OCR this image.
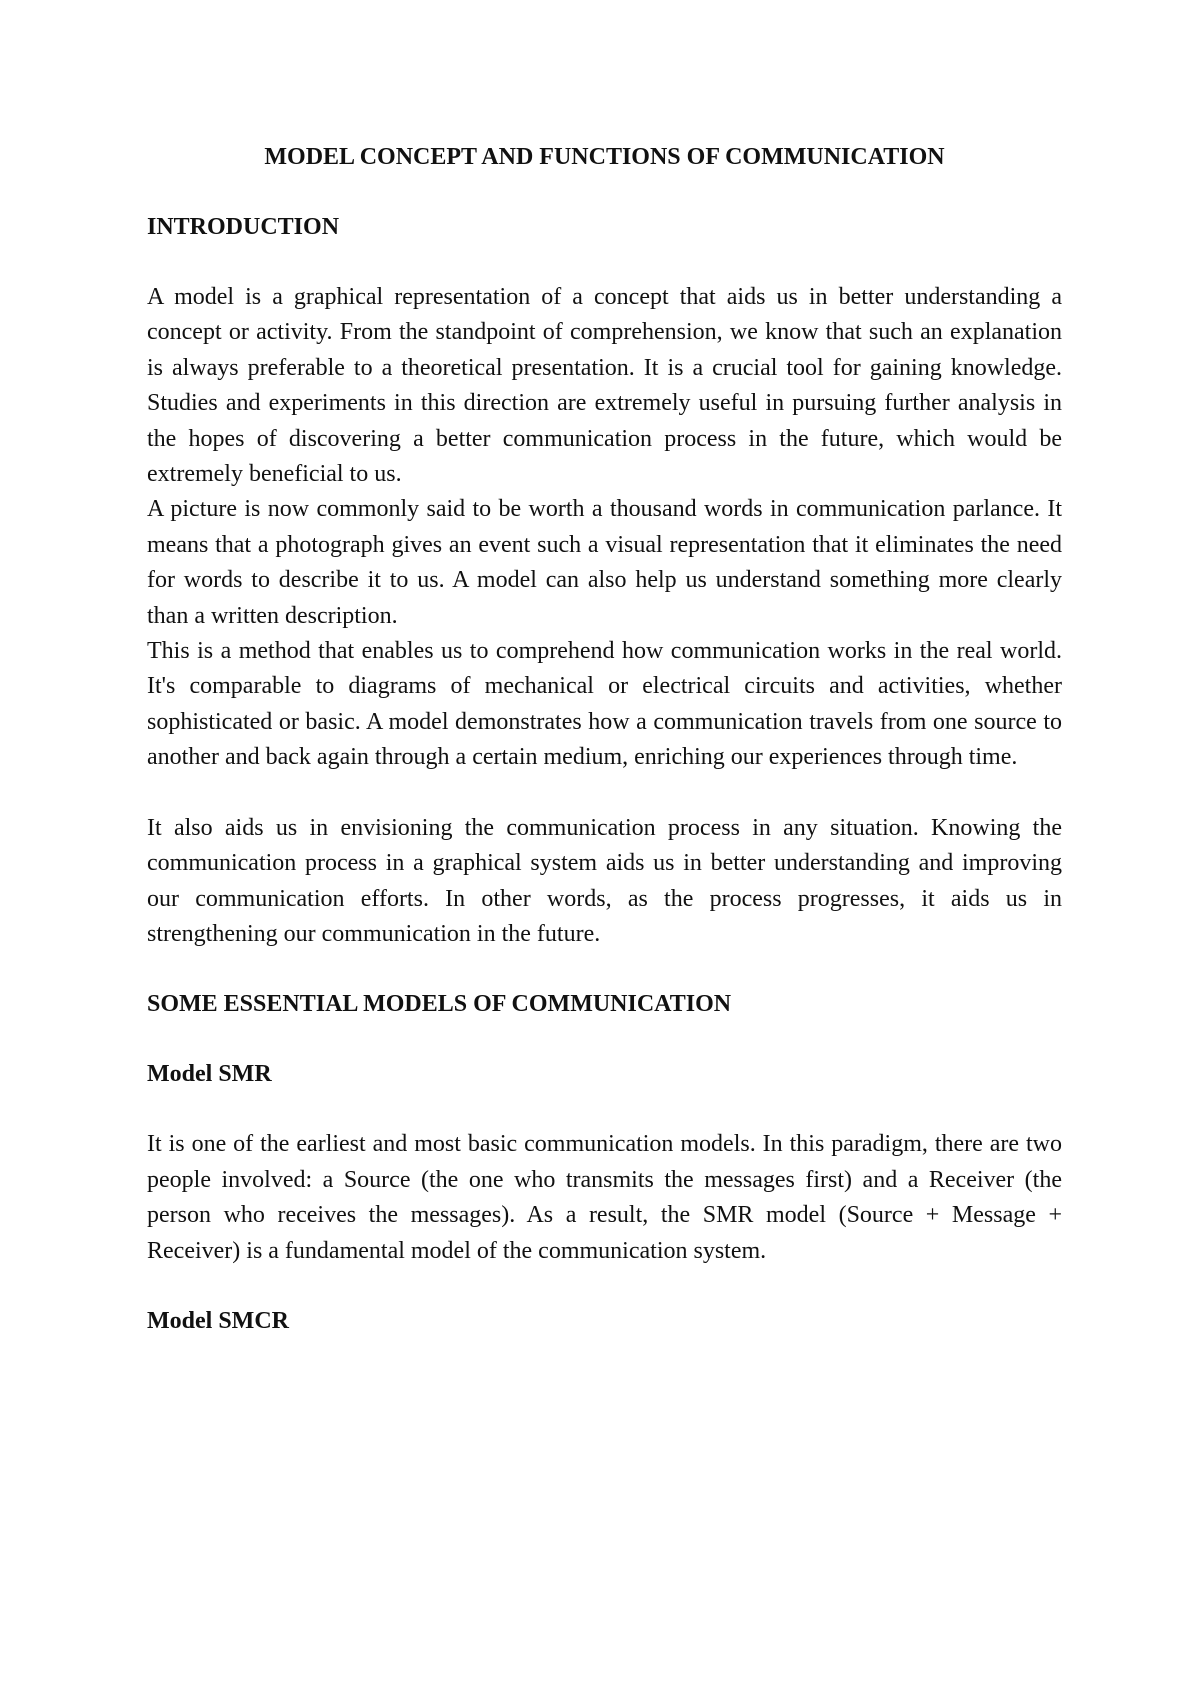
MODEL CONCEPT AND FUNCTIONS OF COMMUNICATION

INTRODUCTION

A model is a graphical representation of a concept that aids us in better understanding a concept or activity. From the standpoint of comprehension, we know that such an explanation is always preferable to a theoretical presentation. It is a crucial tool for gaining knowledge. Studies and experiments in this direction are extremely useful in pursuing further analysis in the hopes of discovering a better communication process in the future, which would be extremely beneficial to us.

A picture is now commonly said to be worth a thousand words in communication parlance. It means that a photograph gives an event such a visual representation that it eliminates the need for words to describe it to us. A model can also help us understand something more clearly than a written description.

This is a method that enables us to comprehend how communication works in the real world. It's comparable to diagrams of mechanical or electrical circuits and activities, whether sophisticated or basic. A model demonstrates how a communication travels from one source to another and back again through a certain medium, enriching our experiences through time.

It also aids us in envisioning the communication process in any situation. Knowing the communication process in a graphical system aids us in better understanding and improving our communication efforts. In other words, as the process progresses, it aids us in strengthening our communication in the future.

SOME ESSENTIAL MODELS OF COMMUNICATION

Model SMR

It is one of the earliest and most basic communication models. In this paradigm, there are two people involved: a Source (the one who transmits the messages first) and a Receiver (the person who receives the messages). As a result, the SMR model (Source + Message + Receiver) is a fundamental model of the communication system.

Model SMCR
